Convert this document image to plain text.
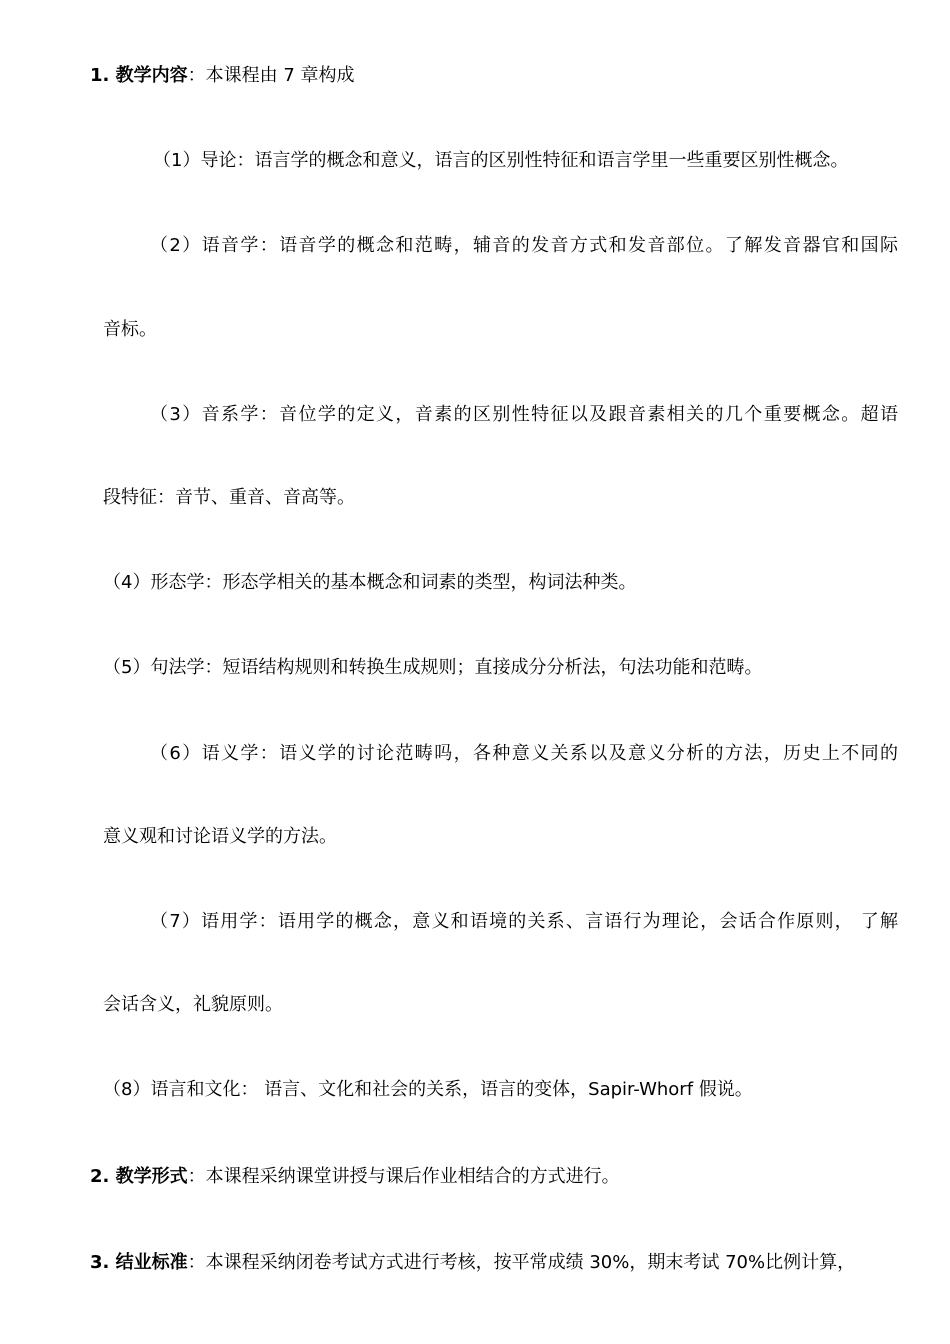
1. 教学内容：本课程由 7 章构成
（1）导论：语言学的概念和意义，语言的区别性特征和语言学里一些重要区别性概念。
（2）语音学：语音学的概念和范畴，辅音的发音方式和发音部位。了解发音器官和国际
音标。
（3）音系学：音位学的定义，音素的区别性特征以及跟音素相关的几个重要概念。超语
段特征：音节、重音、音高等。
（4）形态学：形态学相关的基本概念和词素的类型，构词法种类。
（5）句法学：短语结构规则和转换生成规则；直接成分分析法，句法功能和范畴。
（6）语义学：语义学的讨论范畴吗，各种意义关系以及意义分析的方法，历史上不同的
意义观和讨论语义学的方法。
（7）语用学：语用学的概念，意义和语境的关系、言语行为理论，会话合作原则， 了解
会话含义，礼貌原则。
（8）语言和文化： 语言、文化和社会的关系，语言的变体，Sapir-Whorf 假说。
2. 教学形式：本课程采纳课堂讲授与课后作业相结合的方式进行。
3. 结业标准：本课程采纳闭卷考试方式进行考核，按平常成绩 30%，期末考试 70%比例计算，
